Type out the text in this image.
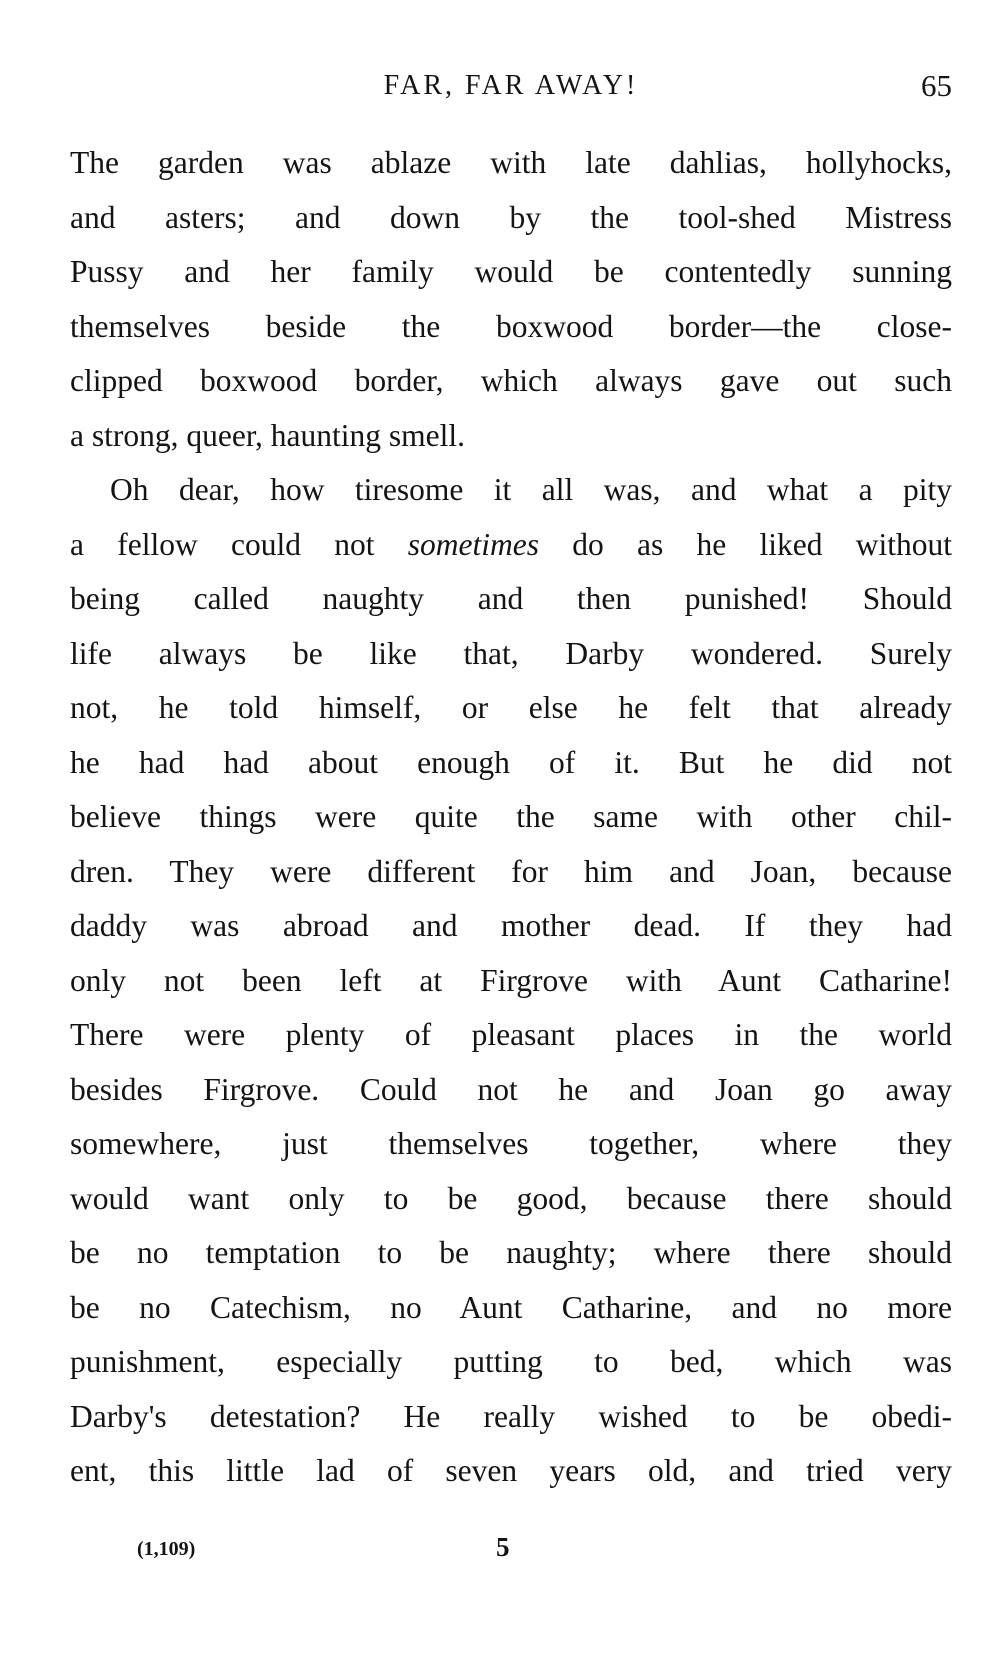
FAR, FAR AWAY!	65

The garden was ablaze with late dahlias, hollyhocks,
and asters; and down by the tool-shed Mistress
Pussy and her family would be contentedly sunning
themselves beside the boxwood border—the close-
clipped boxwood border, which always gave out such
a strong, queer, haunting smell.

Oh dear, how tiresome it all was, and what a pity
a fellow could not sometimes do as he liked without
being called naughty and then punished! Should
life always be like that, Darby wondered. Surely
not, he told himself, or else he felt that already
he had had about enough of it. But he did not
believe things were quite the same with other chil-
dren. They were different for him and Joan, because
daddy was abroad and mother dead. If they had
only not been left at Firgrove with Aunt Catharine!
There were plenty of pleasant places in the world
besides Firgrove. Could not he and Joan go away
somewhere, just themselves together, where they
would want only to be good, because there should
be no temptation to be naughty; where there should
be no Catechism, no Aunt Catharine, and no more
punishment, especially putting to bed, which was
Darby's detestation? He really wished to be obedi-
ent, this little lad of seven years old, and tried very

(1,109)	5
